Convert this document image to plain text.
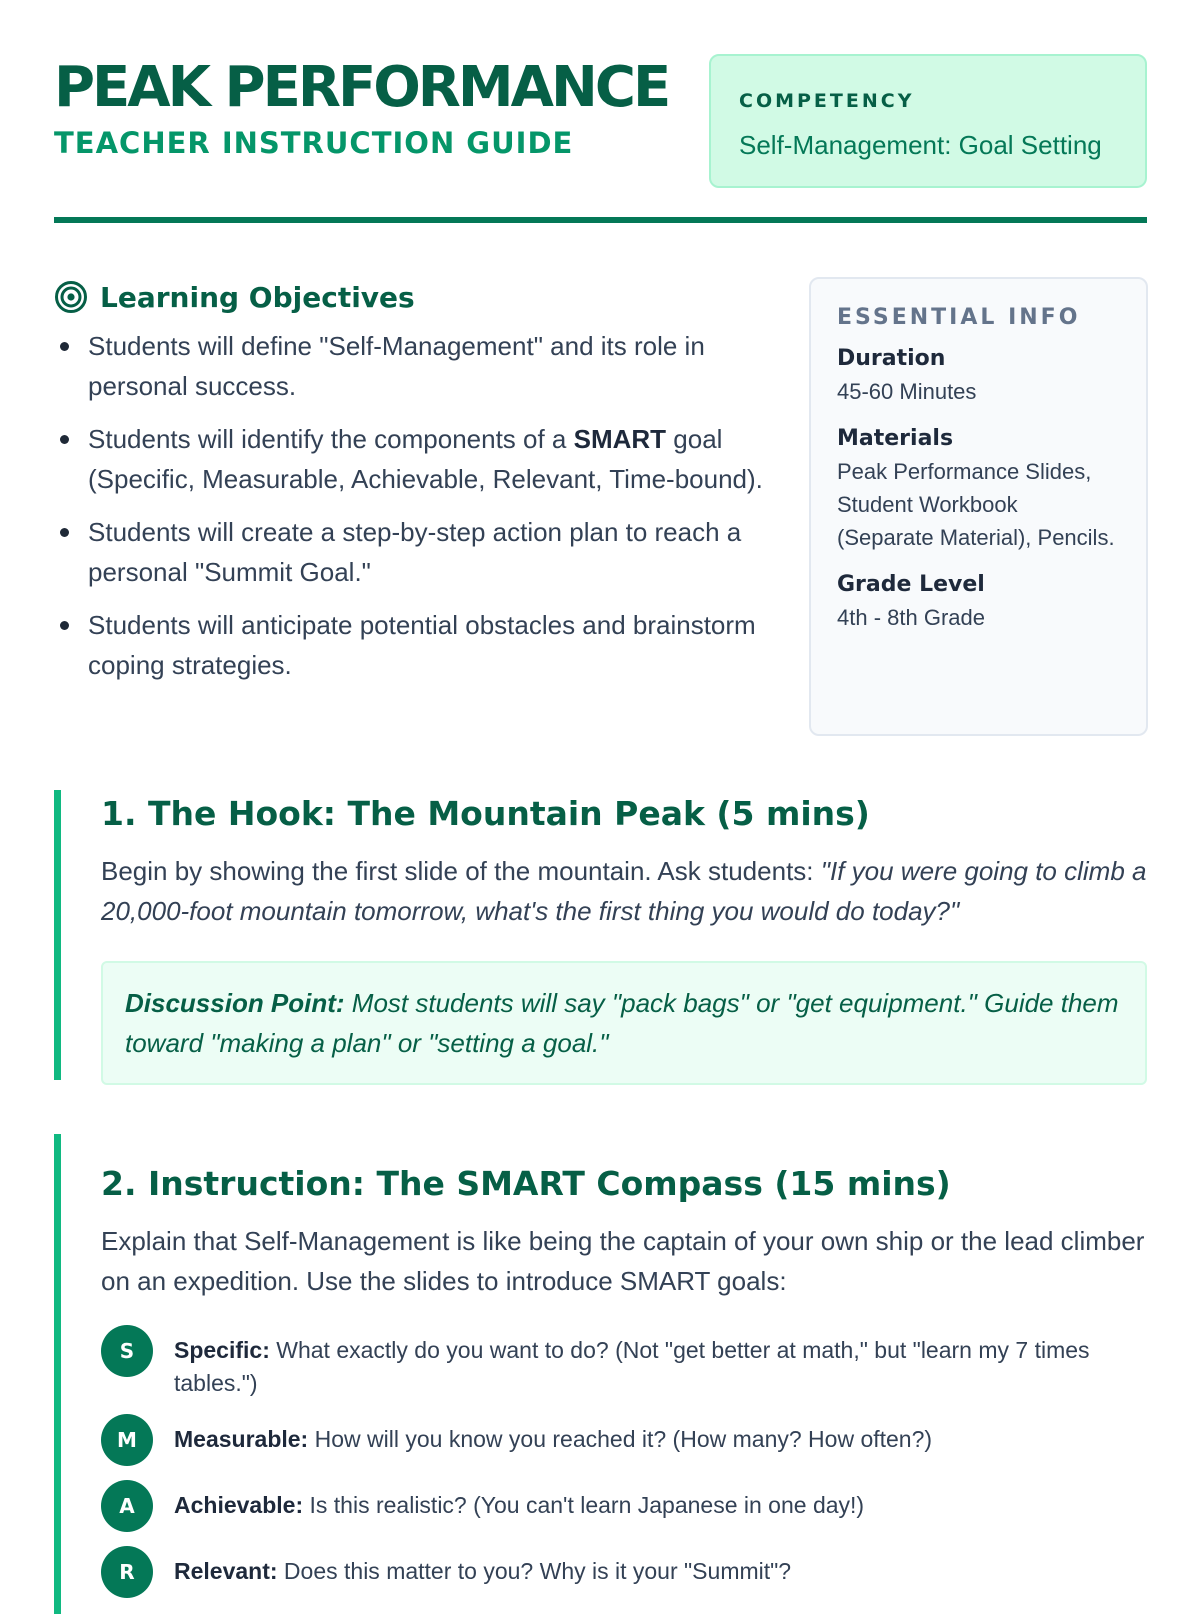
PEAK PERFORMANCE
TEACHER INSTRUCTION GUIDE
COMPETENCY
Self-Management: Goal Setting
Learning Objectives
Students will define "Self-Management" and its role in personal success.
Students will identify the components of a SMART goal (Specific, Measurable, Achievable, Relevant, Time-bound).
Students will create a step-by-step action plan to reach a personal "Summit Goal."
Students will anticipate potential obstacles and brainstorm coping strategies.
ESSENTIAL INFO
Duration
45-60 Minutes
Materials
Peak Performance Slides, Student Workbook (Separate Material), Pencils.
Grade Level
4th - 8th Grade
1. The Hook: The Mountain Peak (5 mins)

Begin by showing the first slide of the mountain. Ask students: "If you were going to climb a 20,000-foot mountain tomorrow, what's the first thing you would do today?"

Discussion Point: Most students will say "pack bags" or "get equipment." Guide them toward "making a plan" or "setting a goal."
2. Instruction: The SMART Compass (15 mins)

Explain that Self-Management is like being the captain of your own ship or the lead climber on an expedition. Use the slides to introduce SMART goals:

S	Specific: What exactly do you want to do? (Not "get better at math," but "learn my 7 times tables.")
M	Measurable: How will you know you reached it? (How many? How often?)
A	Achievable: Is this realistic? (You can't learn Japanese in one day!)
R	Relevant: Does this matter to you? Why is it your "Summit"?
